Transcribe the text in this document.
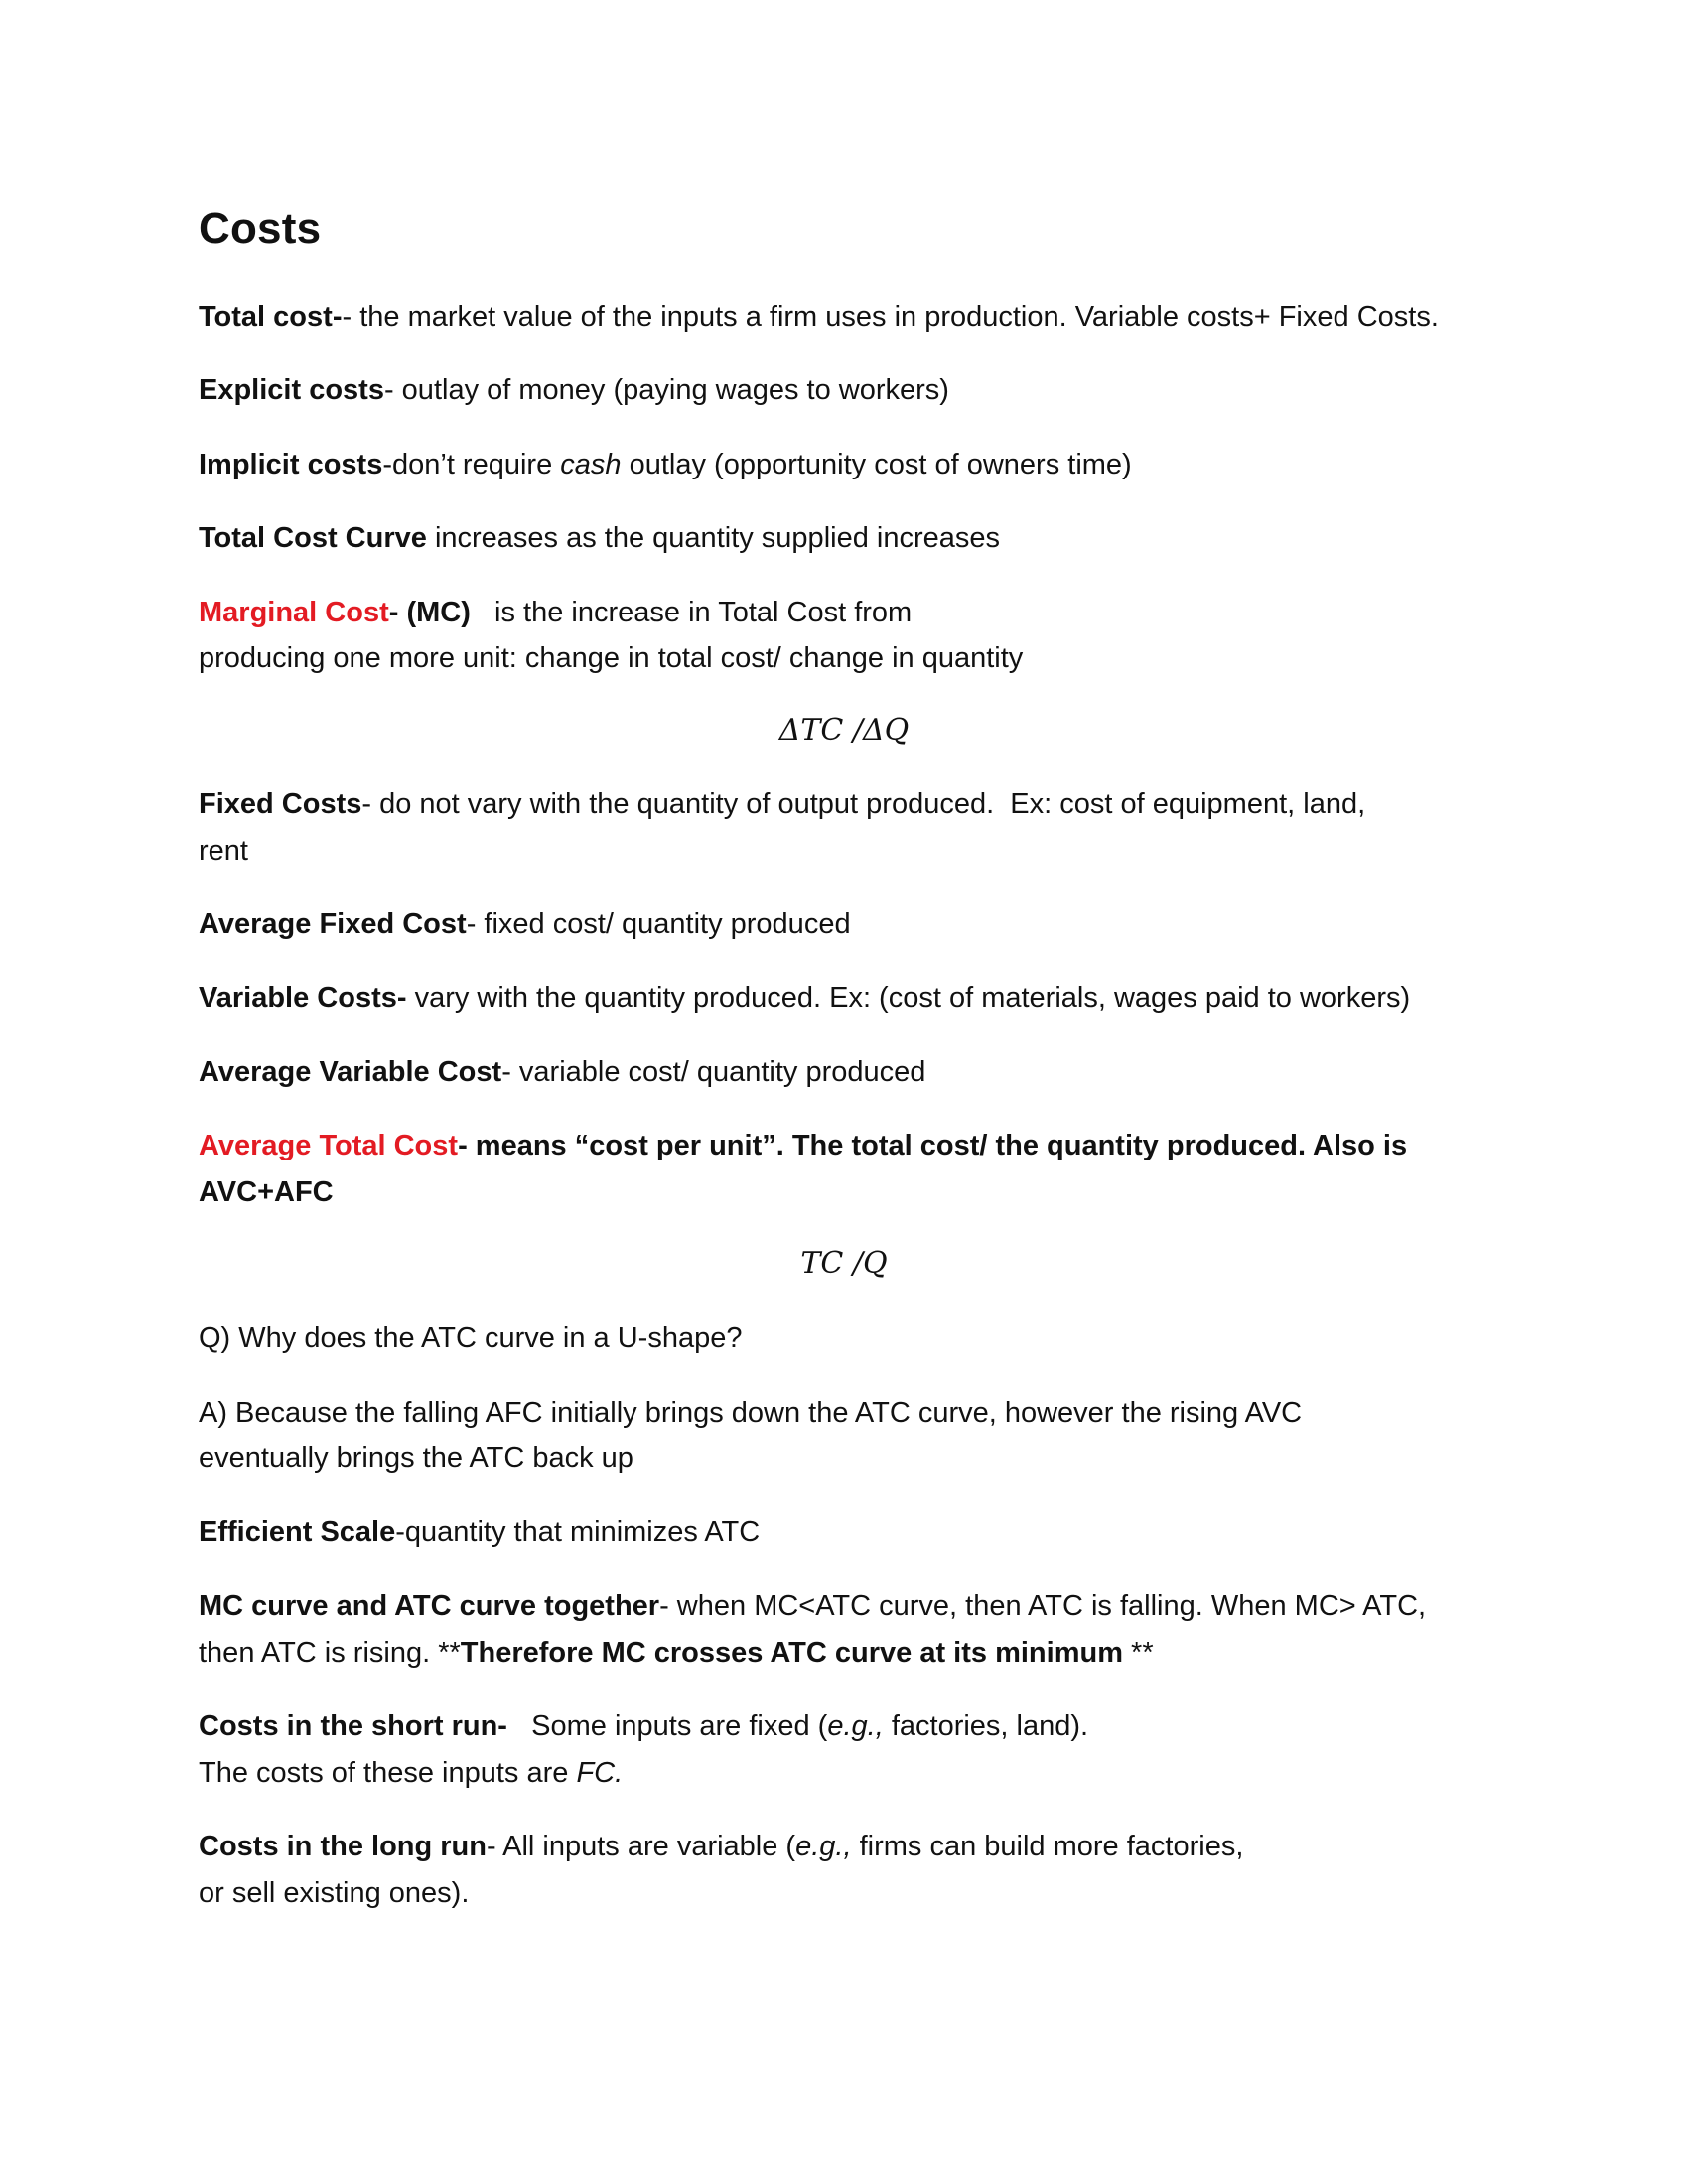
Costs

Total cost-- the market value of the inputs a firm uses in production. Variable costs+ Fixed Costs.

Explicit costs- outlay of money (paying wages to workers)

Implicit costs-don’t require cash outlay (opportunity cost of owners time)

Total Cost Curve increases as the quantity supplied increases

Marginal Cost- (MC)   is the increase in Total Cost from

producing one more unit: change in total cost/ change in quantity

ΔTC /ΔQ

Fixed Costs- do not vary with the quantity of output produced.  Ex: cost of equipment, land,

rent

Average Fixed Cost- fixed cost/ quantity produced

Variable Costs- vary with the quantity produced. Ex: (cost of materials, wages paid to workers)

Average Variable Cost- variable cost/ quantity produced

Average Total Cost- means “cost per unit”. The total cost/ the quantity produced. Also is

AVC+AFC

TC /Q

Q) Why does the ATC curve in a U-shape?

A) Because the falling AFC initially brings down the ATC curve, however the rising AVC

eventually brings the ATC back up

Efficient Scale-quantity that minimizes ATC

MC curve and ATC curve together- when MC<ATC curve, then ATC is falling. When MC> ATC,

then ATC is rising. **Therefore MC crosses ATC curve at its minimum **

Costs in the short run-   Some inputs are fixed (e.g., factories, land).

The costs of these inputs are FC.

Costs in the long run- All inputs are variable (e.g., firms can build more factories,

or sell existing ones).
